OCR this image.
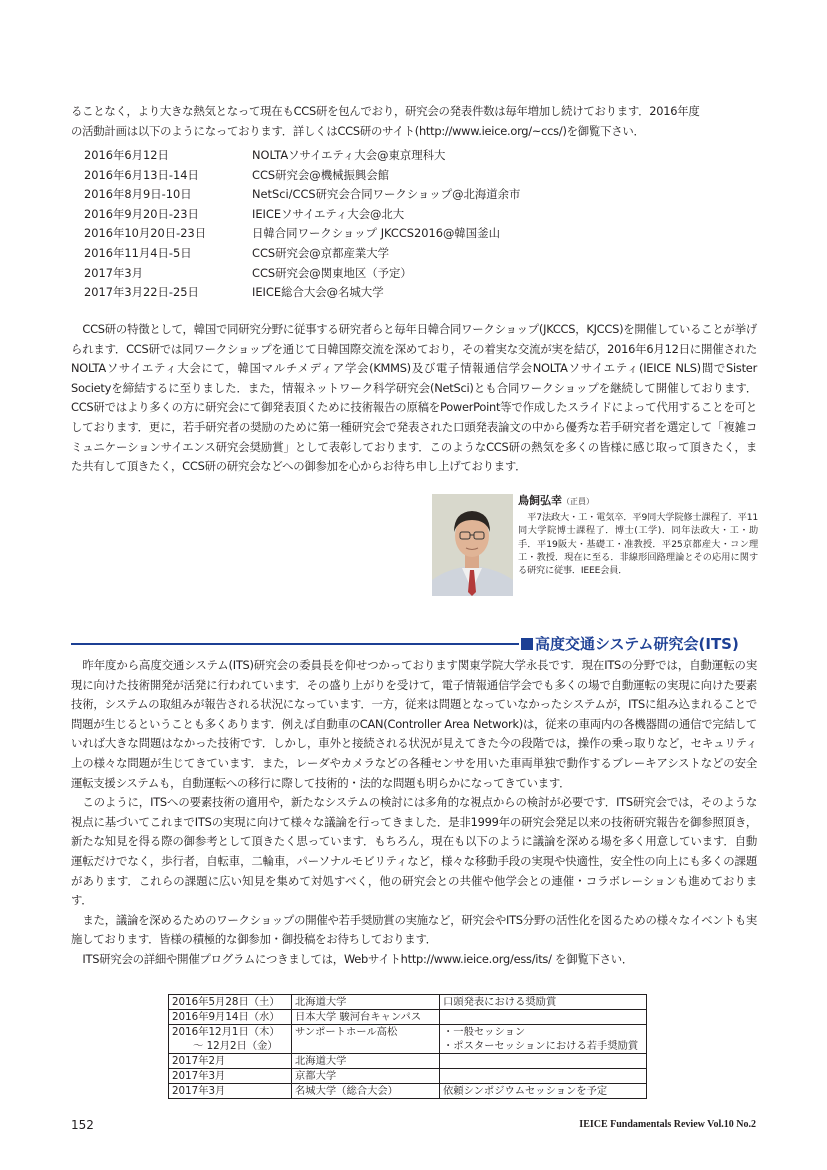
ることなく，より大きな熱気となって現在もCCS研を包んでおり，研究会の発表件数は毎年増加し続けております．2016年度

の活動計画は以下のようになっております．詳しくはCCS研のサイト(http://www.ieice.org/~ccs/)を御覧下さい．

2016年6月12日	NOLTAソサイエティ大会@東京理科大
2016年6月13日-14日	CCS研究会@機械振興会館
2016年8月9日-10日	NetSci/CCS研究会合同ワークショップ@北海道余市
2016年9月20日-23日	IEICEソサイエティ大会@北大
2016年10月20日-23日	日韓合同ワークショップ JKCCS2016@韓国釜山
2016年11月4日-5日	CCS研究会@京都産業大学
2017年3月	CCS研究会@関東地区（予定）
2017年3月22日-25日	IEICE総合大会@名城大学

CCS研の特徴として，韓国で同研究分野に従事する研究者らと毎年日韓合同ワークショップ(JKCCS，KJCCS)を開催していることが挙げられます．CCS研では同ワークショップを通じて日韓国際交流を深めており，その着実な交流が実を結び，2016年6月12日に開催されたNOLTAソサイエティ大会にて，韓国マルチメディア学会(KMMS)及び電子情報通信学会NOLTAソサイエティ(IEICE NLS)間でSister Societyを締結するに至りました．また，情報ネットワーク科学研究会(NetSci)とも合同ワークショップを継続して開催しております．CCS研ではより多くの方に研究会にて御発表頂くために技術報告の原稿をPowerPoint等で作成したスライドによって代用することを可としております．更に，若手研究者の奨励のために第一種研究会で発表された口頭発表論文の中から優秀な若手研究者を選定して「複雑コミュニケーションサイエンス研究会奨励賞」として表彰しております．このようなCCS研の熱気を多くの皆様に感じ取って頂きたく，また共有して頂きたく，CCS研の研究会などへの御参加を心からお待ち申し上げております．

鳥飼弘幸（正員）
平7法政大・工・電気卒．平9同大学院修士課程了．平11同大学院博士課程了．博士(工学)．同年法政大・工・助手．平19阪大・基礎工・准教授．平25京都産大・コン理工・教授．現在に至る．非線形回路理論とその応用に関する研究に従事．IEEE会員．
高度交通システム研究会(ITS)

昨年度から高度交通システム(ITS)研究会の委員長を仰せつかっております関東学院大学永長です．現在ITSの分野では，自動運転の実現に向けた技術開発が活発に行われています．その盛り上がりを受けて，電子情報通信学会でも多くの場で自動運転の実現に向けた要素技術，システムの取組みが報告される状況になっています．一方，従来は問題となっていなかったシステムが，ITSに組み込まれることで問題が生じるということも多くあります．例えば自動車のCAN(Controller Area Network)は，従来の車両内の各機器間の通信で完結していれば大きな問題はなかった技術です．しかし，車外と接続される状況が見えてきた今の段階では，操作の乗っ取りなど，セキュリティ上の様々な問題が生じてきています．また，レーダやカメラなどの各種センサを用いた車両単独で動作するブレーキアシストなどの安全運転支援システムも，自動運転への移行に際して技術的・法的な問題も明らかになってきています．

このように，ITSへの要素技術の適用や，新たなシステムの検討には多角的な視点からの検討が必要です．ITS研究会では，そのような視点に基づいてこれまでITSの実現に向けて様々な議論を行ってきました．是非1999年の研究会発足以来の技術研究報告を御参照頂き，新たな知見を得る際の御参考として頂きたく思っています．もちろん，現在も以下のように議論を深める場を多く用意しています．自動運転だけでなく，歩行者，自転車，二輪車，パーソナルモビリティなど，様々な移動手段の実現や快適性，安全性の向上にも多くの課題があります．これらの課題に広い知見を集めて対処すべく，他の研究会との共催や他学会との連催・コラボレーションも進めております．

また，議論を深めるためのワークショップの開催や若手奨励賞の実施など，研究会やITS分野の活性化を図るための様々なイベントも実施しております．皆様の積極的な御参加・御投稿をお待ちしております．

ITS研究会の詳細や開催プログラムにつきましては，Webサイトhttp://www.ieice.org/ess/its/ を御覧下さい．

2016年5月28日（土）	北海道大学	口頭発表における奨励賞
2016年9月14日（水）	日本大学 駿河台キャンパス	
2016年12月1日（木）	サンポートホール高松	・一般セッション
～ 12月2日（金）		・ポスターセッションにおける若手奨励賞
2017年2月	北海道大学	
2017年3月	京都大学	
2017年3月	名城大学（総合大会）	依頼シンポジウムセッションを予定
152	IEICE Fundamentals Review Vol.10 No.2
